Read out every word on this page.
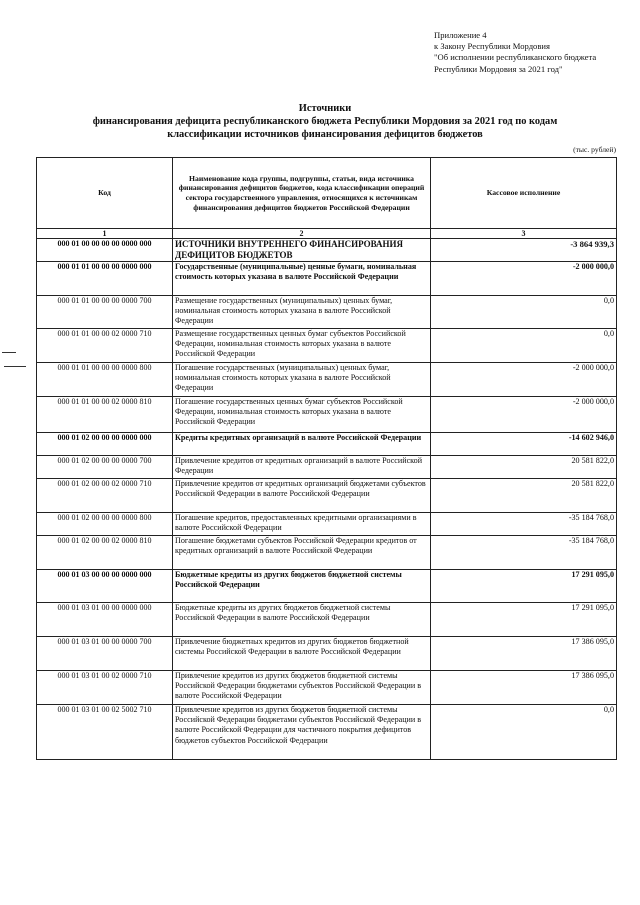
Приложение 4
к Закону Республики Мордовия
"Об исполнении республиканского бюджета
Республики Мордовия за 2021 год"
Источники
финансирования дефицита республиканского бюджета Республики Мордовия за 2021 год по кодам
классификации источников финансирования дефицитов бюджетов
(тыс. рублей)
Код	Наименование кода группы, подгруппы, статьи, вида источника финансирования дефицитов бюджетов, кода классификации операций сектора государственного управления, относящихся к источникам финансирования дефицитов бюджетов Российской Федерации	Кассовое исполнение
1	2	3
000 01 00 00 00 00 0000 000	ИСТОЧНИКИ ВНУТРЕННЕГО ФИНАНСИРОВАНИЯ ДЕФИЦИТОВ БЮДЖЕТОВ	-3 864 939,3
000 01 01 00 00 00 0000 000	Государственные (муниципальные) ценные бумаги, номинальная стоимость которых указана в валюте Российской Федерации	-2 000 000,0
000 01 01 00 00 00 0000 700	Размещение государственных (муниципальных) ценных бумаг, номинальная стоимость которых указана в валюте Российской Федерации	0,0
000 01 01 00 00 02 0000 710	Размещение государственных ценных бумаг субъектов Российской Федерации, номинальная стоимость которых указана в валюте Российской Федерации	0,0
000 01 01 00 00 00 0000 800	Погашение государственных (муниципальных) ценных бумаг, номинальная стоимость которых указана в валюте Российской Федерации	-2 000 000,0
000 01 01 00 00 02 0000 810	Погашение государственных ценных бумаг субъектов Российской Федерации, номинальная стоимость которых указана в валюте Российской Федерации	-2 000 000,0
000 01 02 00 00 00 0000 000	Кредиты кредитных организаций в валюте Российской Федерации	-14 602 946,0
000 01 02 00 00 00 0000 700	Привлечение кредитов от кредитных организаций в валюте Российской Федерации	20 581 822,0
000 01 02 00 00 02 0000 710	Привлечение кредитов от кредитных организаций бюджетами субъектов Российской Федерации в валюте Российской Федерации	20 581 822,0
000 01 02 00 00 00 0000 800	Погашение кредитов, предоставленных кредитными организациями в валюте Российской Федерации	-35 184 768,0
000 01 02 00 00 02 0000 810	Погашение бюджетами субъектов Российской Федерации кредитов от кредитных организаций в валюте Российской Федерации	-35 184 768,0
000 01 03 00 00 00 0000 000	Бюджетные кредиты из других бюджетов бюджетной системы Российской Федерации	17 291 095,0
000 01 03 01 00 00 0000 000	Бюджетные кредиты из других бюджетов бюджетной системы Российской Федерации в валюте Российской Федерации	17 291 095,0
000 01 03 01 00 00 0000 700	Привлечение бюджетных кредитов из других бюджетов бюджетной системы Российской Федерации в валюте Российской Федерации	17 386 095,0
000 01 03 01 00 02 0000 710	Привлечение кредитов из других бюджетов бюджетной системы Российской Федерации бюджетами субъектов Российской Федерации в валюте Российской Федерации	17 386 095,0
000 01 03 01 00 02 5002 710	Привлечение кредитов из других бюджетов бюджетной системы Российской Федерации бюджетами субъектов Российской Федерации в валюте Российской Федерации для частичного покрытия дефицитов бюджетов субъектов Российской Федерации	0,0
